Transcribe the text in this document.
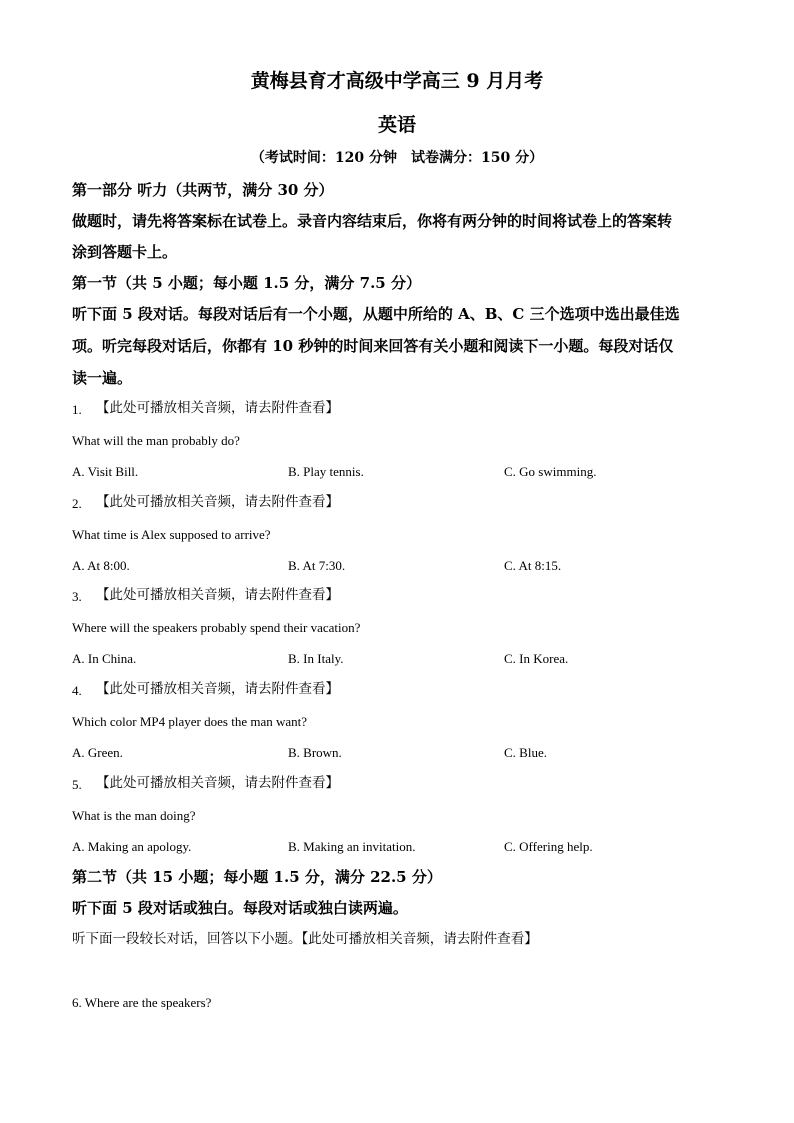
黄梅县育才高级中学高三 9 月月考
英语
（考试时间：120 分钟　试卷满分：150 分）
第一部分 听力（共两节，满分 30 分）
做题时，请先将答案标在试卷上。录音内容结束后，你将有两分钟的时间将试卷上的答案转
涂到答题卡上。
第一节（共 5 小题；每小题 1.5 分，满分 7.5 分）
听下面 5 段对话。每段对话后有一个小题，从题中所给的 A、B、C 三个选项中选出最佳选
项。听完每段对话后，你都有 10 秒钟的时间来回答有关小题和阅读下一小题。每段对话仅
读一遍。
1. 【此处可播放相关音频，请去附件查看】
What will the man probably do?
A. Visit Bill.	B. Play tennis.	C. Go swimming.
2. 【此处可播放相关音频，请去附件查看】
What time is Alex supposed to arrive?
A. At 8:00.	B. At 7:30.	C. At 8:15.
3. 【此处可播放相关音频，请去附件查看】
Where will the speakers probably spend their vacation?
A. In China.	B. In Italy.	C. In Korea.
4. 【此处可播放相关音频，请去附件查看】
Which color MP4 player does the man want?
A. Green.	B. Brown.	C. Blue.
5. 【此处可播放相关音频，请去附件查看】
What is the man doing?
A. Making an apology.	B. Making an invitation.	C. Offering help.
第二节（共 15 小题；每小题 1.5 分，满分 22.5 分）
听下面 5 段对话或独白。每段对话或独白读两遍。
听下面一段较长对话，回答以下小题。【此处可播放相关音频，请去附件查看】
6. Where are the speakers?
